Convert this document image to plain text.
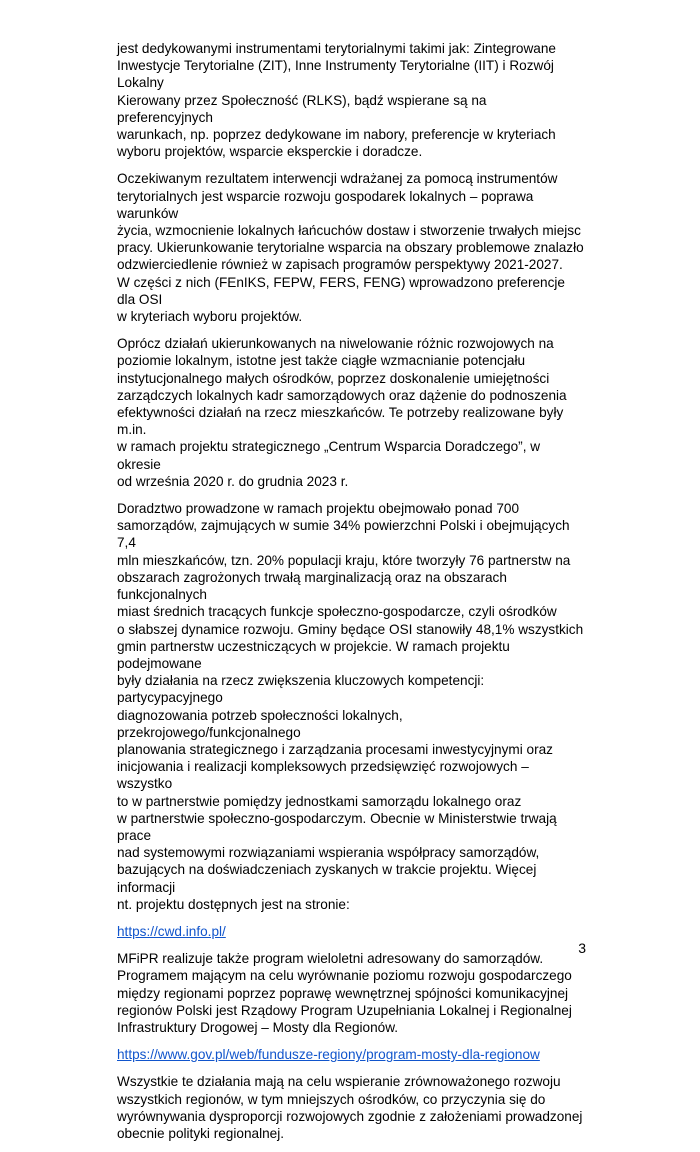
jest dedykowanymi instrumentami terytorialnymi takimi jak: Zintegrowane
Inwestycje Terytorialne (ZIT), Inne Instrumenty Terytorialne (IIT) i Rozwój Lokalny
Kierowany przez Społeczność (RLKS), bądź wspierane są na preferencyjnych
warunkach, np. poprzez dedykowane im nabory, preferencje w kryteriach
wyboru projektów, wsparcie eksperckie i doradcze.

Oczekiwanym rezultatem interwencji wdrażanej za pomocą instrumentów
terytorialnych jest wsparcie rozwoju gospodarek lokalnych – poprawa warunków
życia, wzmocnienie lokalnych łańcuchów dostaw i stworzenie trwałych miejsc
pracy. Ukierunkowanie terytorialne wsparcia na obszary problemowe znalazło
odzwierciedlenie również w zapisach programów perspektywy 2021-2027.
W części z nich (FEnIKS, FEPW, FERS, FENG) wprowadzono preferencje dla OSI
w kryteriach wyboru projektów.

Oprócz działań ukierunkowanych na niwelowanie różnic rozwojowych na
poziomie lokalnym, istotne jest także ciągłe wzmacnianie potencjału
instytucjonalnego małych ośrodków, poprzez doskonalenie umiejętności
zarządczych lokalnych kadr samorządowych oraz dążenie do podnoszenia
efektywności działań na rzecz mieszkańców. Te potrzeby realizowane były m.in.
w ramach projektu strategicznego „Centrum Wsparcia Doradczego”, w okresie
od września 2020 r. do grudnia 2023 r.

Doradztwo prowadzone w ramach projektu obejmowało ponad 700
samorządów, zajmujących w sumie 34% powierzchni Polski i obejmujących 7,4
mln mieszkańców, tzn. 20% populacji kraju, które tworzyły 76 partnerstw na
obszarach zagrożonych trwałą marginalizacją oraz na obszarach funkcjonalnych
miast średnich tracących funkcje społeczno-gospodarcze, czyli ośrodków
o słabszej dynamice rozwoju. Gminy będące OSI stanowiły 48,1% wszystkich
gmin partnerstw uczestniczących w projekcie. W ramach projektu podejmowane
były działania na rzecz zwiększenia kluczowych kompetencji: partycypacyjnego
diagnozowania potrzeb społeczności lokalnych, przekrojowego/funkcjonalnego
planowania strategicznego i zarządzania procesami inwestycyjnymi oraz
inicjowania i realizacji kompleksowych przedsięwzięć rozwojowych – wszystko
to w partnerstwie pomiędzy jednostkami samorządu lokalnego oraz
w partnerstwie społeczno-gospodarczym. Obecnie w Ministerstwie trwają prace
nad systemowymi rozwiązaniami wspierania współpracy samorządów,
bazujących na doświadczeniach zyskanych w trakcie projektu. Więcej informacji
nt. projektu dostępnych jest na stronie:

https://cwd.info.pl/

MFiPR realizuje także program wieloletni adresowany do samorządów.
Programem mającym na celu wyrównanie poziomu rozwoju gospodarczego
między regionami poprzez poprawę wewnętrznej spójności komunikacyjnej
regionów Polski jest Rządowy Program Uzupełniania Lokalnej i Regionalnej
Infrastruktury Drogowej – Mosty dla Regionów.

https://www.gov.pl/web/fundusze-regiony/program-mosty-dla-regionow

Wszystkie te działania mają na celu wspieranie zrównoważonego rozwoju
wszystkich regionów, w tym mniejszych ośrodków, co przyczynia się do
wyrównywania dysproporcji rozwojowych zgodnie z założeniami prowadzonej
obecnie polityki regionalnej.

3
